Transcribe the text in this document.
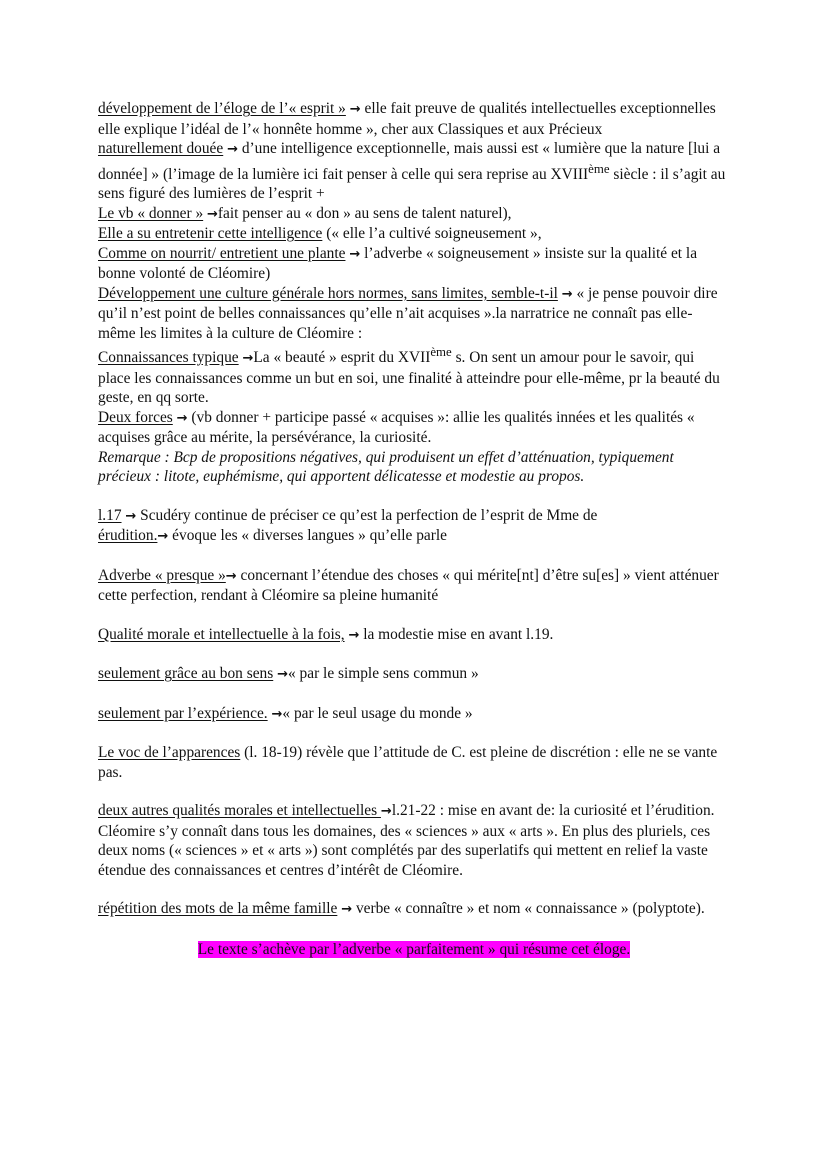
développement de l’éloge de l’« esprit » → elle fait preuve de qualités intellectuelles exceptionnelles

elle explique l’idéal de l’« honnête homme », cher aux Classiques et aux Précieux

naturellement douée → d’une intelligence exceptionnelle, mais aussi est « lumière que la nature [lui a donnée] » (l’image de la lumière ici fait penser à celle qui sera reprise au XVIIIème siècle : il s’agit au sens figuré des lumières de l’esprit +

Le vb « donner » →fait penser au « don » au sens de talent naturel),

Elle a su entretenir cette intelligence (« elle l’a cultivé soigneusement »,

Comme on nourrit/ entretient une plante → l’adverbe « soigneusement » insiste sur la qualité et la bonne volonté de Cléomire)

Développement une culture générale hors normes, sans limites, semble-t-il → « je pense pouvoir dire qu’il n’est point de belles connaissances qu’elle n’ait acquises ».la narratrice ne connaît pas elle-même les limites à la culture de Cléomire :

Connaissances typique →La « beauté » esprit du XVIIème s. On sent un amour pour le savoir, qui place les connaissances comme un but en soi, une finalité à atteindre pour elle-même, pr la beauté du geste, en qq sorte.

Deux forces → (vb donner + participe passé « acquises »: allie les qualités innées et les qualités « acquises grâce au mérite, la persévérance, la curiosité.

Remarque : Bcp de propositions négatives, qui produisent un effet d’atténuation, typiquement précieux : litote, euphémisme, qui apportent délicatesse et modestie au propos.

l.17 → Scudéry continue de préciser ce qu’est la perfection de l’esprit de Mme de
érudition.→ évoque les « diverses langues » qu’elle parle

Adverbe « presque »→ concernant l’étendue des choses « qui mérite[nt] d’être su[es] » vient atténuer cette perfection, rendant à Cléomire sa pleine humanité

Qualité morale et intellectuelle à la fois, → la modestie mise en avant l.19.

seulement grâce au bon sens →« par le simple sens commun »

seulement par l’expérience. →« par le seul usage du monde »

Le voc de l’apparences (l. 18-19) révèle que l’attitude de C. est pleine de discrétion : elle ne se vante pas.

deux autres qualités morales et intellectuelles →l.21-22 : mise en avant de: la curiosité et l’érudition. Cléomire s’y connaît dans tous les domaines, des « sciences » aux « arts ». En plus des pluriels, ces deux noms (« sciences » et « arts ») sont complétés par des superlatifs qui mettent en relief la vaste étendue des connaissances et centres d’intérêt de Cléomire.

répétition des mots de la même famille → verbe « connaître » et nom « connaissance » (polyptote).

Le texte s’achève par l’adverbe « parfaitement » qui résume cet éloge.
